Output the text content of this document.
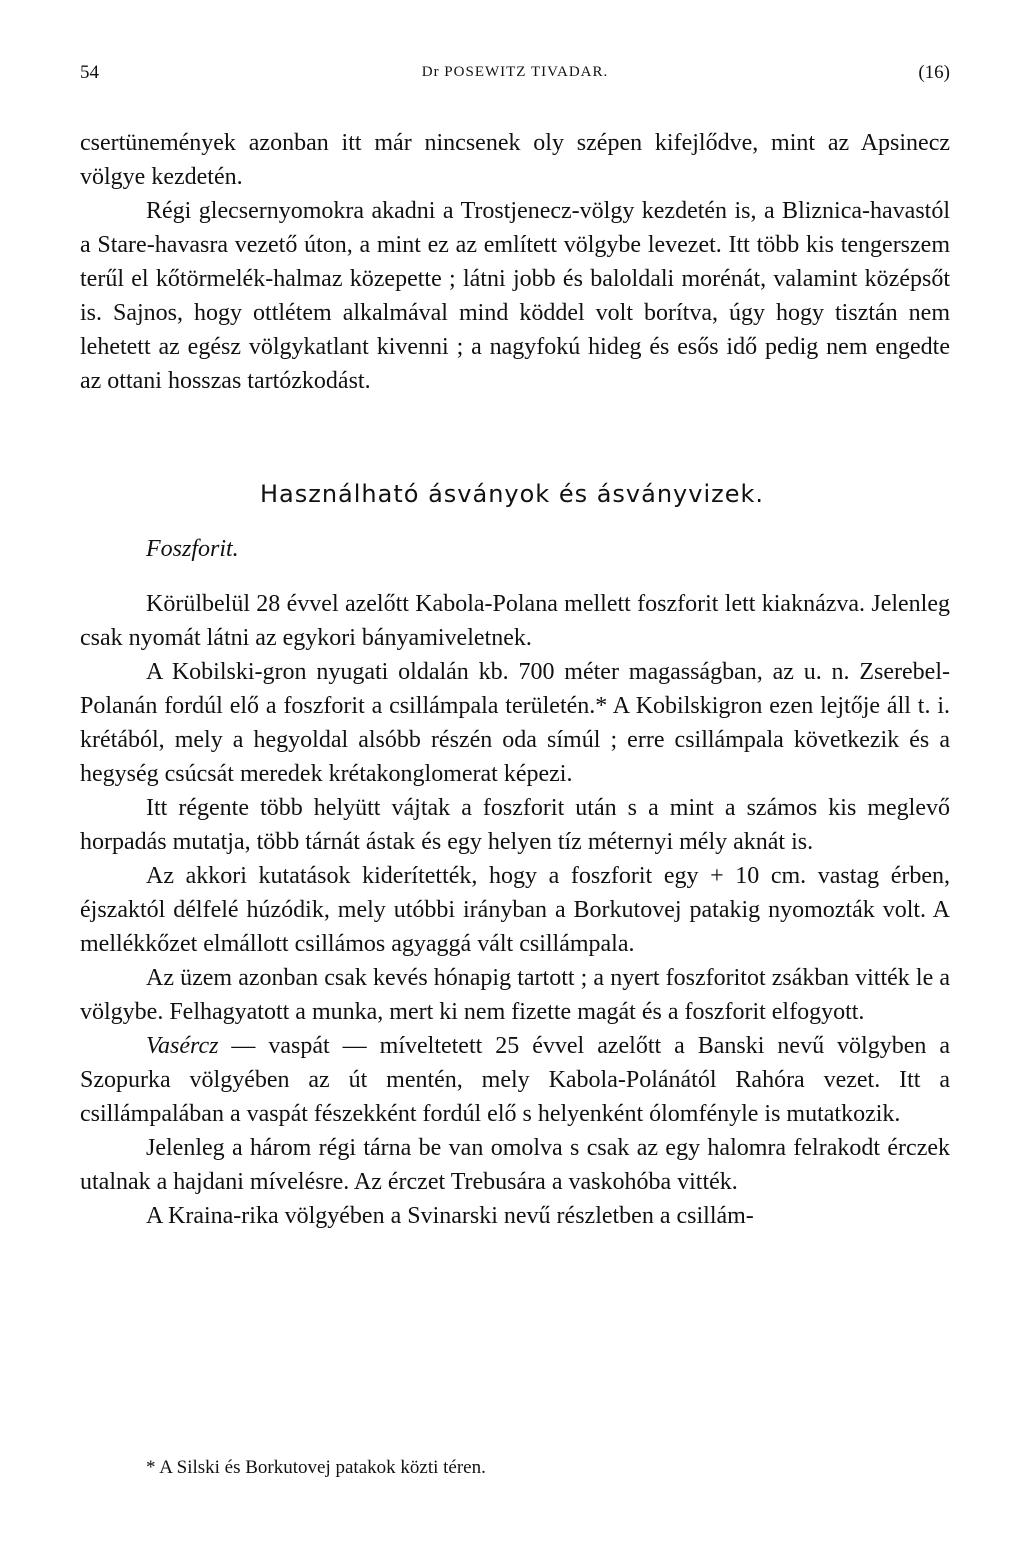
54	Dr POSEWITZ TIVADAR.	(16)

csertünemények azonban itt már nincsenek oly szépen kifejlődve, mint az Apsinecz völgye kezdetén.

Régi glecsernyomokra akadni a Trostjenecz-völgy kezdetén is, a Bliznica-havastól a Stare-havasra vezető úton, a mint ez az említett völgybe levezet. Itt több kis tengerszem terűl el kőtörmelék-halmaz közepette ; látni jobb és baloldali morénát, valamint középsőt is. Sajnos, hogy ottlétem alkalmával mind köddel volt borítva, úgy hogy tisztán nem lehetett az egész völgykatlant kivenni ; a nagyfokú hideg és esős idő pedig nem engedte az ottani hosszas tartózkodást.

Használható ásványok és ásványvizek.
Foszforit.

Körülbelül 28 évvel azelőtt Kabola-Polana mellett foszforit lett kiaknázva. Jelenleg csak nyomát látni az egykori bányamiveletnek.

A Kobilski-gron nyugati oldalán kb. 700 méter magasságban, az u. n. Zserebel-Polanán fordúl elő a foszforit a csillámpala területén.* A Kobilskigron ezen lejtője áll t. i. krétából, mely a hegyoldal alsóbb részén oda símúl ; erre csillámpala következik és a hegység csúcsát meredek krétakonglomerat képezi.

Itt régente több helyütt vájtak a foszforit után s a mint a számos kis meglevő horpadás mutatja, több tárnát ástak és egy helyen tíz méternyi mély aknát is.

Az akkori kutatások kiderítették, hogy a foszforit egy + 10 cm. vastag érben, éjszaktól délfelé húzódik, mely utóbbi irányban a Borkutovej patakig nyomozták volt. A mellékkőzet elmállott csillámos agyaggá vált csillámpala.

Az üzem azonban csak kevés hónapig tartott ; a nyert foszforitot zsákban vitték le a völgybe. Felhagyatott a munka, mert ki nem fizette magát és a foszforit elfogyott.

Vasércz — vaspát — míveltetett 25 évvel azelőtt a Banski nevű völgyben a Szopurka völgyében az út mentén, mely Kabola-Polánától Rahóra vezet. Itt a csillámpalában a vaspát fészekként fordúl elő s helyenként ólomfényle is mutatkozik.

Jelenleg a három régi tárna be van omolva s csak az egy halomra felrakodt érczek utalnak a hajdani mívelésre. Az érczet Trebusára a vaskohóba vitték.

A Kraina-rika völgyében a Svinarski nevű részletben a csillám-

* A Silski és Borkutovej patakok közti téren.
